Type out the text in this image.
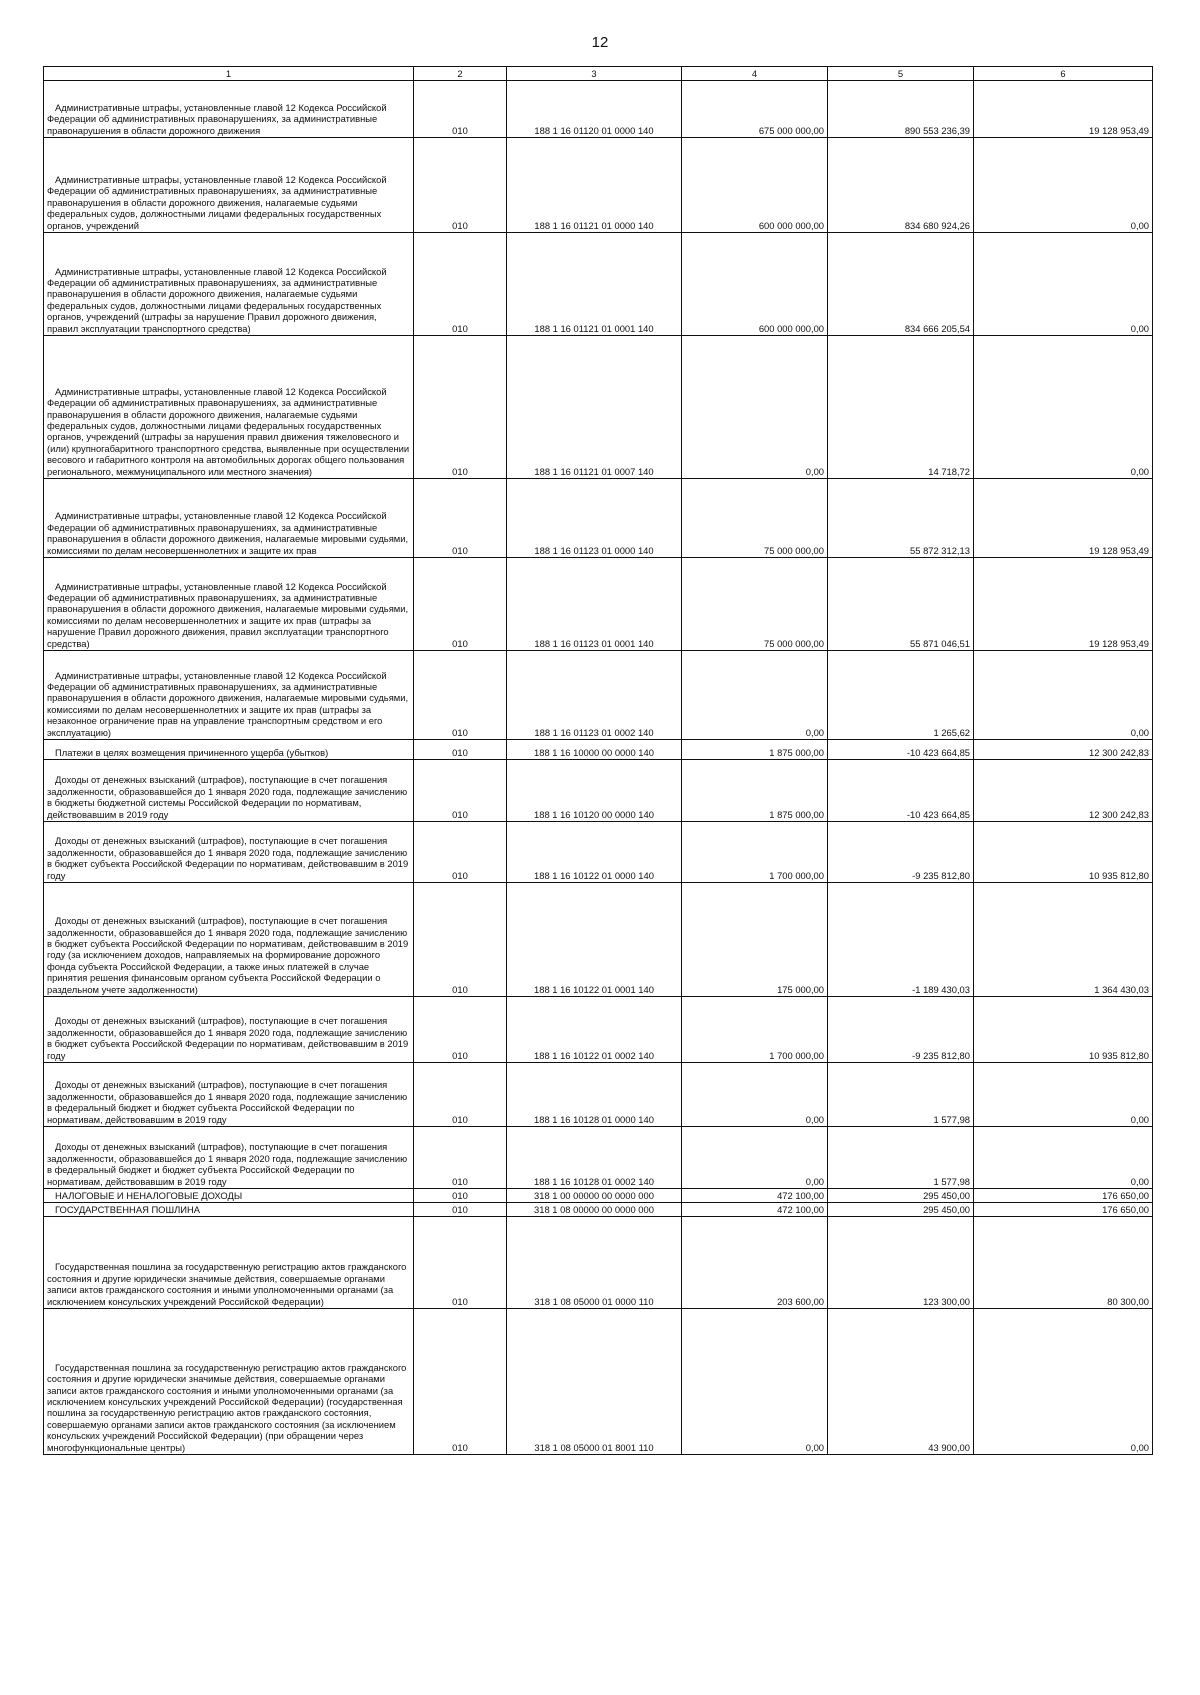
12
1	2	3	4	5	6
Административные штрафы, установленные главой 12 Кодекса Российской Федерации об административных правонарушениях, за административные правонарушения в области дорожного движения	010	188 1 16 01120 01 0000 140	675 000 000,00	890 553 236,39	19 128 953,49
Административные штрафы, установленные главой 12 Кодекса Российской Федерации об административных правонарушениях, за административные правонарушения в области дорожного движения, налагаемые судьями федеральных судов, должностными лицами федеральных государственных органов, учреждений	010	188 1 16 01121 01 0000 140	600 000 000,00	834 680 924,26	0,00
Административные штрафы, установленные главой 12 Кодекса Российской Федерации об административных правонарушениях, за административные правонарушения в области дорожного движения, налагаемые судьями федеральных судов, должностными лицами федеральных государственных органов, учреждений (штрафы за нарушение Правил дорожного движения, правил эксплуатации транспортного средства)	010	188 1 16 01121 01 0001 140	600 000 000,00	834 666 205,54	0,00
Административные штрафы, установленные главой 12 Кодекса Российской Федерации об административных правонарушениях, за административные правонарушения в области дорожного движения, налагаемые судьями федеральных судов, должностными лицами федеральных государственных органов, учреждений (штрафы за нарушения правил движения тяжеловесного и (или) крупногабаритного транспортного средства, выявленные при осуществлении весового и габаритного контроля на автомобильных дорогах общего пользования регионального, межмуниципального или местного значения)	010	188 1 16 01121 01 0007 140	0,00	14 718,72	0,00
Административные штрафы, установленные главой 12 Кодекса Российской Федерации об административных правонарушениях, за административные правонарушения в области дорожного движения, налагаемые мировыми судьями, комиссиями по делам несовершеннолетних и защите их прав	010	188 1 16 01123 01 0000 140	75 000 000,00	55 872 312,13	19 128 953,49
Административные штрафы, установленные главой 12 Кодекса Российской Федерации об административных правонарушениях, за административные правонарушения в области дорожного движения, налагаемые мировыми судьями, комиссиями по делам несовершеннолетних и защите их прав (штрафы за нарушение Правил дорожного движения, правил эксплуатации транспортного средства)	010	188 1 16 01123 01 0001 140	75 000 000,00	55 871 046,51	19 128 953,49
Административные штрафы, установленные главой 12 Кодекса Российской Федерации об административных правонарушениях, за административные правонарушения в области дорожного движения, налагаемые мировыми судьями, комиссиями по делам несовершеннолетних и защите их прав (штрафы за незаконное ограничение прав на управление транспортным средством и его эксплуатацию)	010	188 1 16 01123 01 0002 140	0,00	1 265,62	0,00
Платежи в целях возмещения причиненного ущерба (убытков)	010	188 1 16 10000 00 0000 140	1 875 000,00	-10 423 664,85	12 300 242,83
Доходы от денежных взысканий (штрафов), поступающие в счет погашения задолженности, образовавшейся до 1 января 2020 года, подлежащие зачислению в бюджеты бюджетной системы Российской Федерации по нормативам, действовавшим в 2019 году	010	188 1 16 10120 00 0000 140	1 875 000,00	-10 423 664,85	12 300 242,83
Доходы от денежных взысканий (штрафов), поступающие в счет погашения задолженности, образовавшейся до 1 января 2020 года, подлежащие зачислению в бюджет субъекта Российской Федерации по нормативам, действовавшим в 2019 году	010	188 1 16 10122 01 0000 140	1 700 000,00	-9 235 812,80	10 935 812,80
Доходы от денежных взысканий (штрафов), поступающие в счет погашения задолженности, образовавшейся до 1 января 2020 года, подлежащие зачислению в бюджет субъекта Российской Федерации по нормативам, действовавшим в 2019 году (за исключением доходов, направляемых на формирование дорожного фонда субъекта Российской Федерации, а также иных платежей в случае принятия решения финансовым органом субъекта Российской Федерации о раздельном учете задолженности)	010	188 1 16 10122 01 0001 140	175 000,00	-1 189 430,03	1 364 430,03
Доходы от денежных взысканий (штрафов), поступающие в счет погашения задолженности, образовавшейся до 1 января 2020 года, подлежащие зачислению в бюджет субъекта Российской Федерации по нормативам, действовавшим в 2019 году	010	188 1 16 10122 01 0002 140	1 700 000,00	-9 235 812,80	10 935 812,80
Доходы от денежных взысканий (штрафов), поступающие в счет погашения задолженности, образовавшейся до 1 января 2020 года, подлежащие зачислению в федеральный бюджет и бюджет субъекта Российской Федерации по нормативам, действовавшим в 2019 году	010	188 1 16 10128 01 0000 140	0,00	1 577,98	0,00
Доходы от денежных взысканий (штрафов), поступающие в счет погашения задолженности, образовавшейся до 1 января 2020 года, подлежащие зачислению в федеральный бюджет и бюджет субъекта Российской Федерации по нормативам, действовавшим в 2019 году	010	188 1 16 10128 01 0002 140	0,00	1 577,98	0,00
НАЛОГОВЫЕ И НЕНАЛОГОВЫЕ ДОХОДЫ	010	318 1 00 00000 00 0000 000	472 100,00	295 450,00	176 650,00
ГОСУДАРСТВЕННАЯ ПОШЛИНА	010	318 1 08 00000 00 0000 000	472 100,00	295 450,00	176 650,00
Государственная пошлина за государственную регистрацию актов гражданского состояния и другие юридически значимые действия, совершаемые органами записи актов гражданского состояния и иными уполномоченными органами (за исключением консульских учреждений Российской Федерации)	010	318 1 08 05000 01 0000 110	203 600,00	123 300,00	80 300,00
Государственная пошлина за государственную регистрацию актов гражданского состояния и другие юридически значимые действия, совершаемые органами записи актов гражданского состояния и иными уполномоченными органами (за исключением консульских учреждений Российской Федерации) (государственная пошлина за государственную регистрацию актов гражданского состояния, совершаемую органами записи актов гражданского состояния (за исключением консульских учреждений Российской Федерации) (при обращении через многофункциональные центры)	010	318 1 08 05000 01 8001 110	0,00	43 900,00	0,00
